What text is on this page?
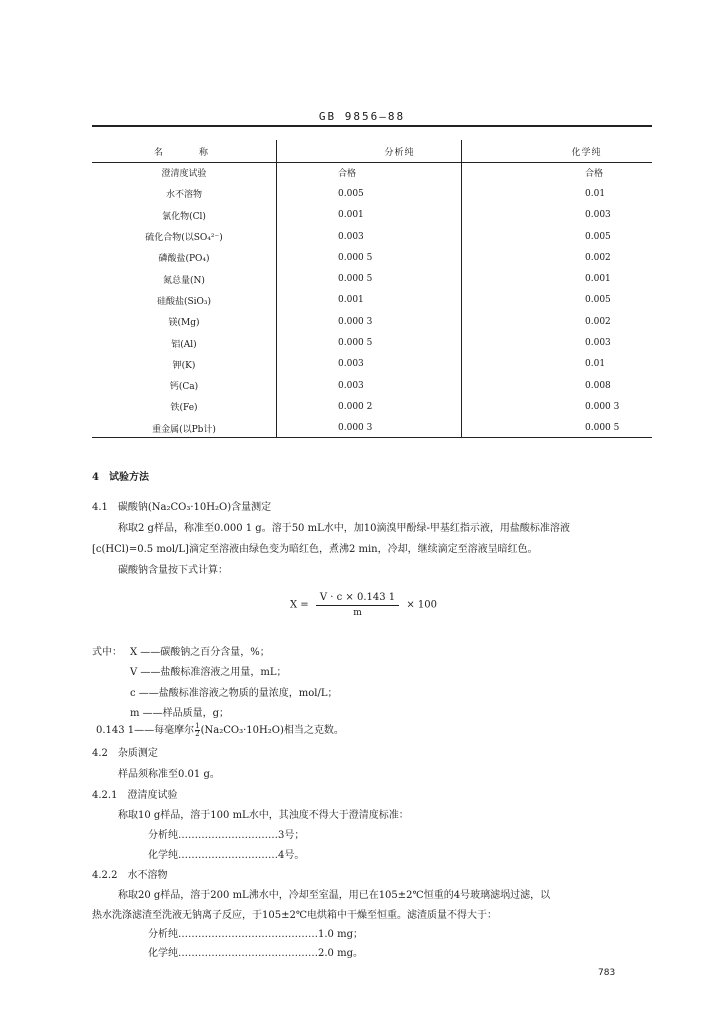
GB 9856—88
名　　称	分析纯	化学纯
澄清度试验	合格	合格
水不溶物	0.005	0.01
氯化物(Cl)	0.001	0.003
硫化合物(以SO₄²⁻)	0.003	0.005
磷酸盐(PO₄)	0.000 5	0.002
氮总量(N)	0.000 5	0.001
硅酸盐(SiO₃)	0.001	0.005
镁(Mg)	0.000 3	0.002
铝(Al)	0.000 5	0.003
钾(K)	0.003	0.01
钙(Ca)	0.003	0.008
铁(Fe)	0.000 2	0.000 3
重金属(以Pb计)	0.000 3	0.000 5
4　试验方法
4.1　碳酸钠(Na₂CO₃·10H₂O)含量测定
称取2 g样品，称准至0.000 1 g。溶于50 mL水中，加10滴溴甲酚绿-甲基红指示液，用盐酸标准溶液
[c(HCl)=0.5 mol/L]滴定至溶液由绿色变为暗红色，煮沸2 min，冷却，继续滴定至溶液呈暗红色。
碳酸钠含量按下式计算：
$X = \frac{V \cdot c \times 0.143 1}{m} \times 100$
式中： X ——碳酸钠之百分含量，%；
V ——盐酸标准溶液之用量，mL；
c ——盐酸标准溶液之物质的量浓度，mol/L；
m ——样品质量，g；
0.143 1——每毫摩尔 $\frac{1}{2} (Na_2CO_3\cdot 10H_2O)$相当之克数。
4.2　杂质测定
样品须称准至0.01 g。
4.2.1　澄清度试验
称取10 g样品，溶于100 mL水中，其浊度不得大于澄清度标准：
分析纯…………………………3号；
化学纯…………………………4号。
4.2.2　水不溶物
称取20 g样品，溶于200 mL沸水中，冷却至室温，用已在105±2℃恒重的4号玻璃滤埚过滤，以
热水洗涤滤渣至洗液无钠离子反应，于105±2℃电烘箱中干燥至恒重。滤渣质量不得大于：
分析纯……………………………………1.0 mg；
化学纯……………………………………2.0 mg。
783
